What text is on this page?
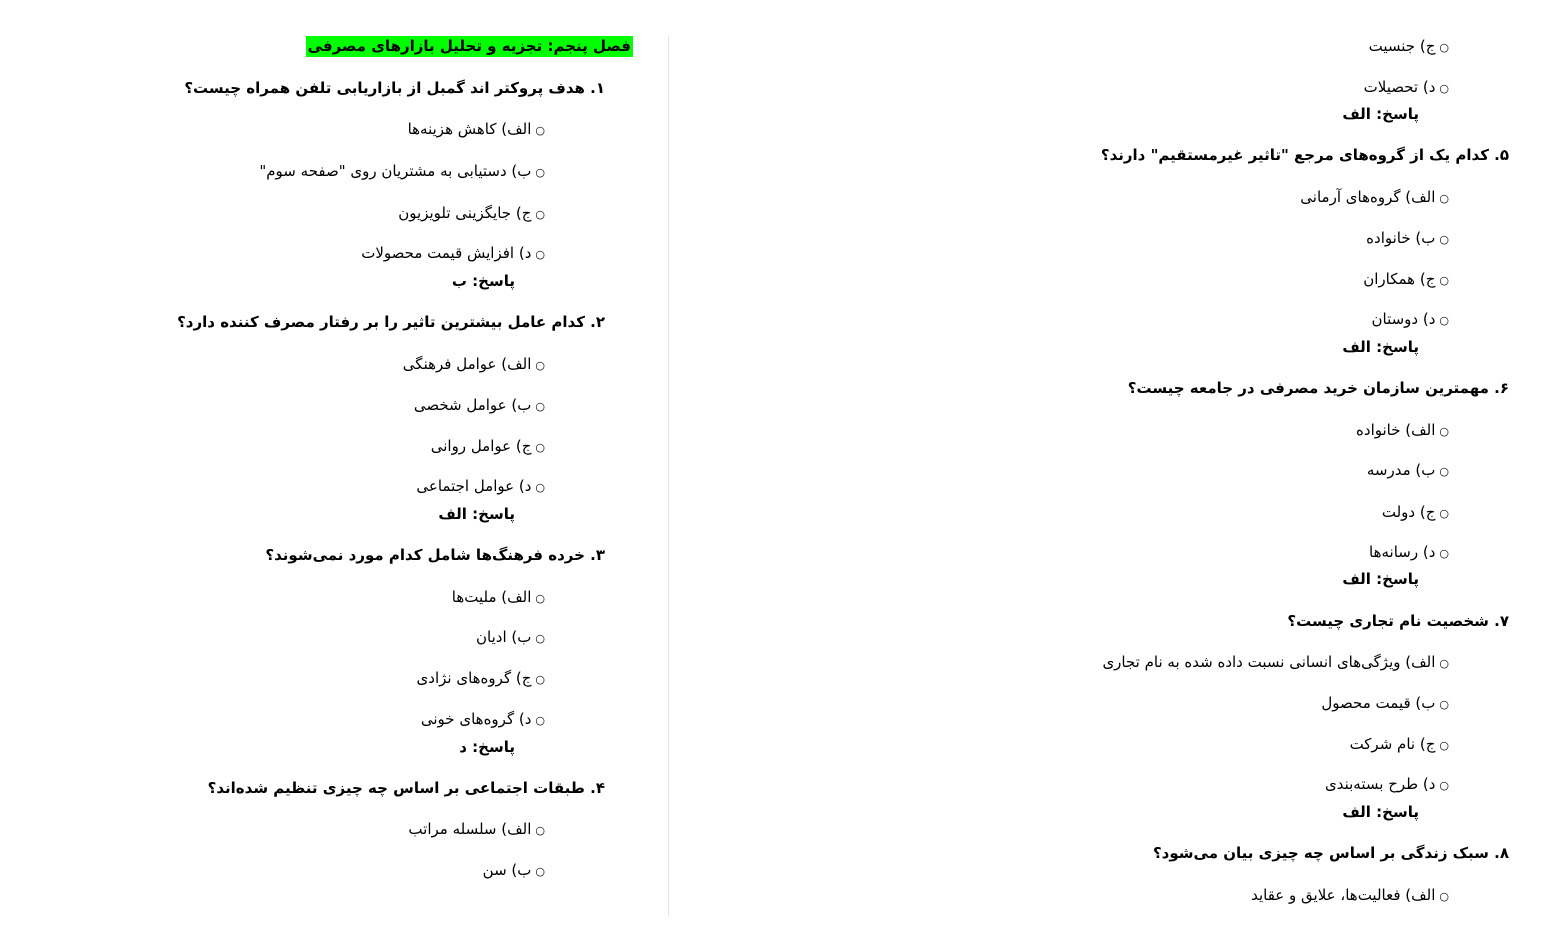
فصل پنجم: تجزیه و تحلیل بازارهای مصرفی
۱. هدف پروکتر اند گمبل از بازاریابی تلفن همراه چیست؟
○الف) کاهش هزینه‌ها
○ب) دستیابی به مشتریان روی "صفحه سوم"
○ج) جایگزینی تلویزیون
○د) افزایش قیمت محصولات
پاسخ: ب
۲. کدام عامل بیشترین تاثیر را بر رفتار مصرف کننده دارد؟
○الف) عوامل فرهنگی
○ب) عوامل شخصی
○ج) عوامل روانی
○د) عوامل اجتماعی
پاسخ: الف
۳. خرده فرهنگ‌ها شامل کدام مورد نمی‌شوند؟
○الف) ملیت‌ها
○ب) ادیان
○ج) گروه‌های نژادی
○د) گروه‌های خونی
پاسخ: د
۴. طبقات اجتماعی بر اساس چه چیزی تنظیم شده‌اند؟
○الف) سلسله مراتب
○ب) سن
○ج) جنسیت
○د) تحصیلات
پاسخ: الف
۵. کدام یک از گروه‌های مرجع "تاثیر غیرمستقیم" دارند؟
○الف) گروه‌های آرمانی
○ب) خانواده
○ج) همکاران
○د) دوستان
پاسخ: الف
۶. مهمترین سازمان خرید مصرفی در جامعه چیست؟
○الف) خانواده
○ب) مدرسه
○ج) دولت
○د) رسانه‌ها
پاسخ: الف
۷. شخصیت نام تجاری چیست؟
○الف) ویژگی‌های انسانی نسبت داده شده به نام تجاری
○ب) قیمت محصول
○ج) نام شرکت
○د) طرح بسته‌بندی
پاسخ: الف
۸. سبک زندگی بر اساس چه چیزی بیان می‌شود؟
○الف) فعالیت‌ها، علایق و عقاید
